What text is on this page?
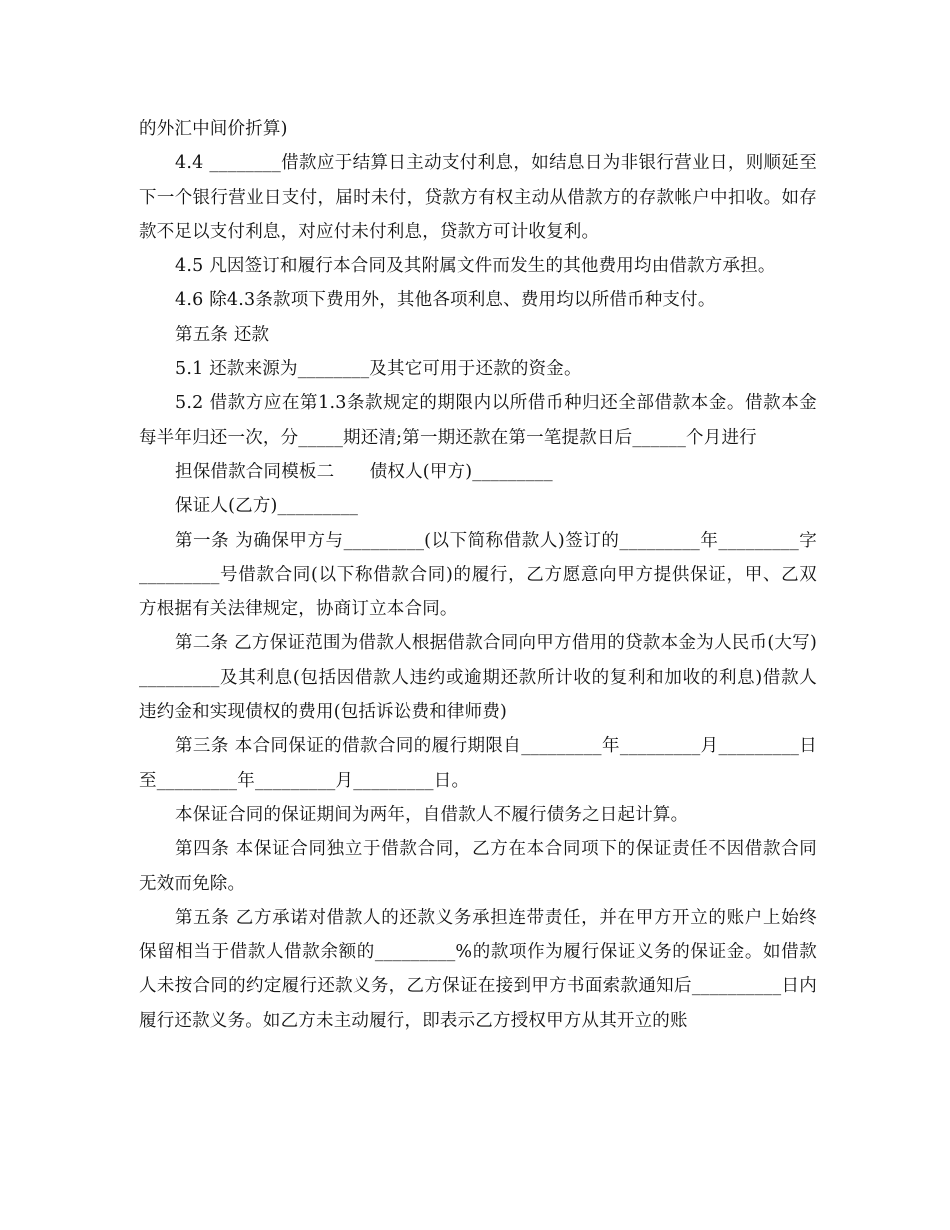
的外汇中间价折算)

4.4 ________借款应于结算日主动支付利息，如结息日为非银行营业日，则顺延至下一个银行营业日支付，届时未付，贷款方有权主动从借款方的存款帐户中扣收。如存款不足以支付利息，对应付未付利息，贷款方可计收复利。

4.5 凡因签订和履行本合同及其附属文件而发生的其他费用均由借款方承担。

4.6 除4.3条款项下费用外，其他各项利息、费用均以所借币种支付。

第五条 还款

5.1 还款来源为________及其它可用于还款的资金。

5.2 借款方应在第1.3条款规定的期限内以所借币种归还全部借款本金。借款本金每半年归还一次，分_____期还清;第一期还款在第一笔提款日后______个月进行

担保借款合同模板二　　债权人(甲方)_________

保证人(乙方)_________

第一条 为确保甲方与_________(以下简称借款人)签订的_________年_________字_________号借款合同(以下称借款合同)的履行，乙方愿意向甲方提供保证，甲、乙双方根据有关法律规定，协商订立本合同。

第二条 乙方保证范围为借款人根据借款合同向甲方借用的贷款本金为人民币(大写)_________及其利息(包括因借款人违约或逾期还款所计收的复利和加收的利息)借款人违约金和实现债权的费用(包括诉讼费和律师费)

第三条 本合同保证的借款合同的履行期限自_________年_________月_________日至_________年_________月_________日。

本保证合同的保证期间为两年，自借款人不履行债务之日起计算。

第四条 本保证合同独立于借款合同，乙方在本合同项下的保证责任不因借款合同无效而免除。

第五条 乙方承诺对借款人的还款义务承担连带责任，并在甲方开立的账户上始终保留相当于借款人借款余额的_________%的款项作为履行保证义务的保证金。如借款人未按合同的约定履行还款义务，乙方保证在接到甲方书面索款通知后__________日内履行还款义务。如乙方未主动履行，即表示乙方授权甲方从其开立的账
